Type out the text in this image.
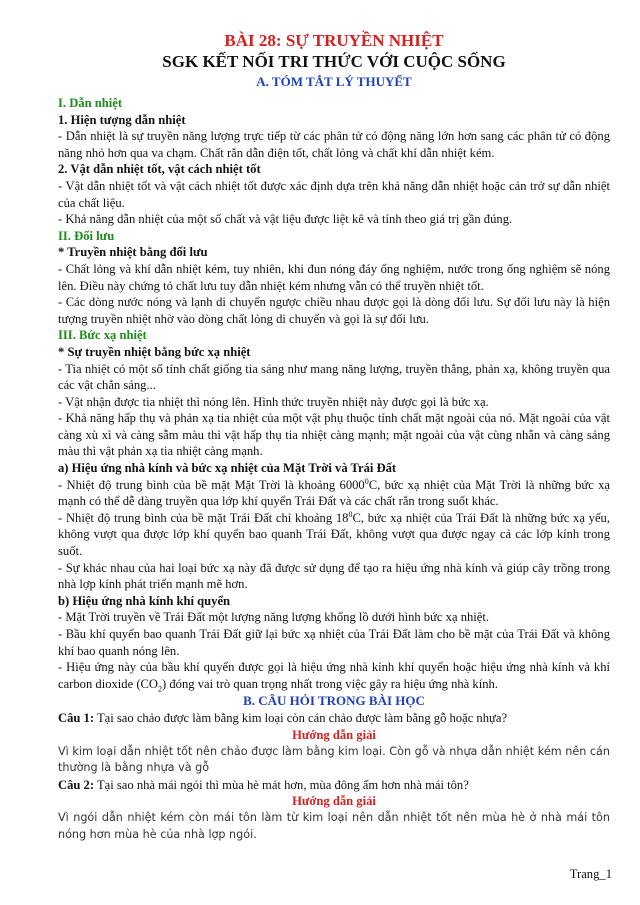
BÀI 28: SỰ TRUYỀN NHIỆT
SGK KẾT NỐI TRI THỨC VỚI CUỘC SỐNG
A. TÓM TẮT LÝ THUYẾT
I. Dẫn nhiệt
1. Hiện tượng dẫn nhiệt
- Dẫn nhiệt là sự truyền năng lượng trực tiếp từ các phân tử có động năng lớn hơn sang các phân tử có động năng nhỏ hơn qua va chạm. Chất rắn dẫn điện tốt, chất lỏng và chất khí dẫn nhiệt kém.
2. Vật dẫn nhiệt tốt, vật cách nhiệt tốt
- Vật dẫn nhiệt tốt và vật cách nhiệt tốt được xác định dựa trên khả năng dẫn nhiệt hoặc cản trở sự dẫn nhiệt của chất liệu.
- Khả năng dẫn nhiệt của một số chất và vật liệu được liệt kê và tính theo giá trị gần đúng.
II. Đối lưu
* Truyền nhiệt bằng đối lưu
- Chất lỏng và khí dẫn nhiệt kém, tuy nhiên, khi đun nóng đáy ống nghiệm, nước trong ống nghiệm sẽ nóng lên. Điều này chứng tỏ chất lưu tuy dẫn nhiệt kém nhưng vẫn có thể truyền nhiệt tốt.
- Các dòng nước nóng và lạnh di chuyển ngược chiều nhau được gọi là dòng đối lưu. Sự đối lưu này là hiện tượng truyền nhiệt nhờ vào dòng chất lỏng di chuyển và gọi là sự đối lưu.
III. Bức xạ nhiệt
* Sự truyền nhiệt bằng bức xạ nhiệt
- Tia nhiệt có một số tính chất giống tia sáng như mang năng lượng, truyền thẳng, phản xạ, không truyền qua các vật chắn sáng...
- Vật nhận được tia nhiệt thì nóng lên. Hình thức truyền nhiệt này được gọi là bức xạ.
- Khả năng hấp thụ và phản xạ tia nhiệt của một vật phụ thuộc tính chất mặt ngoài của nó. Mặt ngoài của vật càng xù xì và càng sẫm màu thì vật hấp thụ tia nhiệt càng mạnh; mặt ngoài của vật cùng nhẵn và càng sáng màu thì vật phản xạ tia nhiệt càng mạnh.
a) Hiệu ứng nhà kính và bức xạ nhiệt của Mặt Trời và Trái Đất
- Nhiệt độ trung bình của bề mặt Mặt Trời là khoảng 6000$^0$C, bức xạ nhiệt của Mặt Trời là những bức xạ mạnh có thể dễ dàng truyền qua lớp khí quyển Trái Đất và các chất rắn trong suốt khác.
- Nhiệt độ trung bình của bề mặt Trái Đất chỉ khoảng $18^0C$, bức xạ nhiệt của Trái Đất là những bức xạ yếu, không vượt qua được lớp khí quyển bao quanh Trái Đất, không vượt qua được ngay cả các lớp kính trong suốt.
- Sự khác nhau của hai loại bức xạ này đã được sử dụng để tạo ra hiệu ứng nhà kính và giúp cây trồng trong nhà lợp kính phát triển mạnh mẽ hơn.
b) Hiệu ứng nhà kính khí quyển
- Mặt Trời truyền về Trái Đất một lượng năng lượng khổng lồ dưới hình bức xạ nhiệt.
- Bầu khí quyển bao quanh Trái Đất giữ lại bức xạ nhiệt của Trái Đất làm cho bề mặt của Trái Đất và không khí bao quanh nóng lên.
- Hiệu ứng này của bầu khí quyển được gọi là hiệu ứng nhà kính khí quyển hoặc hiệu ứng nhà kính và khí carbon dioxide $(CO_2)$ đóng vai trò quan trọng nhất trong việc gây ra hiệu ứng nhà kính.
B. CÂU HỎI TRONG BÀI HỌC
Câu 1: Tại sao chảo được làm bằng kim loại còn cán chảo được làm bằng gỗ hoặc nhựa?
Hướng dẫn giải
Vì kim loại dẫn nhiệt tốt nên chảo được làm bằng kim loại. Còn gỗ và nhựa dẫn nhiệt kém nên cán thường là bằng nhựa và gỗ
Câu 2: Tại sao nhà mái ngói thì mùa hè mát hơn, mùa đông ấm hơn nhà mái tôn?
Hướng dẫn giải
Vì ngói dẫn nhiệt kém còn mái tôn làm từ kim loại nên dẫn nhiệt tốt nên mùa hè ở nhà mái tôn nóng hơn mùa hè của nhà lợp ngói.
Trang_1
